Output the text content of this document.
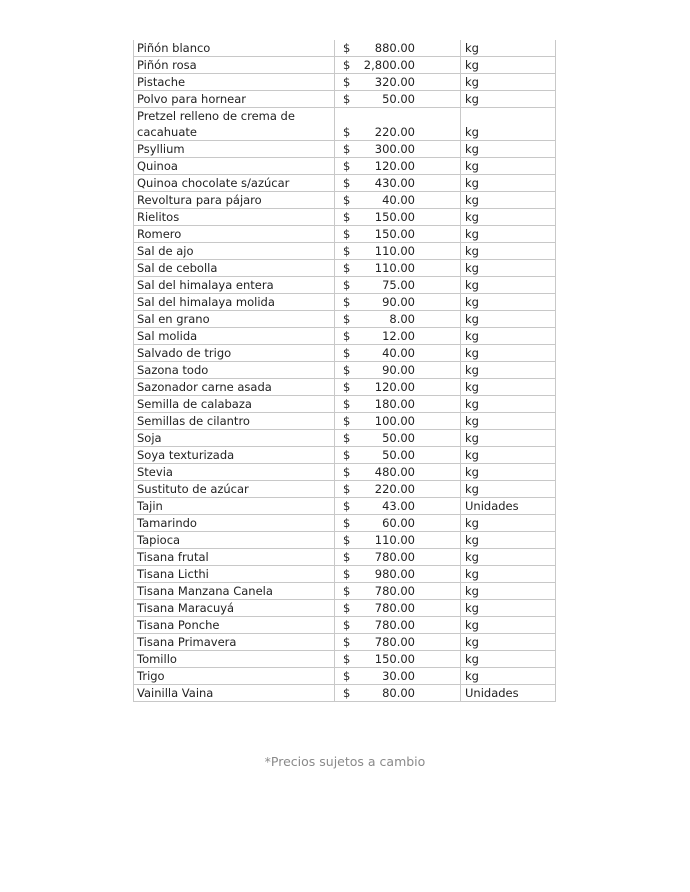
Piñón blanco	$ 880.00	kg

Piñón rosa	$ 2,800.00	kg

Pistache	$ 320.00	kg

Polvo para hornear	$ 50.00	kg

Pretzel relleno de crema de
cacahuate	$ 220.00	kg

Psyllium	$ 300.00	kg

Quinoa	$ 120.00	kg

Quinoa chocolate s/azúcar	$ 430.00	kg

Revoltura para pájaro	$ 40.00	kg

Rielitos	$ 150.00	kg

Romero	$ 150.00	kg

Sal de ajo	$ 110.00	kg

Sal de cebolla	$ 110.00	kg

Sal del himalaya entera	$ 75.00	kg

Sal del himalaya molida	$ 90.00	kg

Sal en grano	$ 8.00	kg

Sal molida	$ 12.00	kg

Salvado de trigo	$ 40.00	kg

Sazona todo	$ 90.00	kg

Sazonador carne asada	$ 120.00	kg

Semilla de calabaza	$ 180.00	kg

Semillas de cilantro	$ 100.00	kg

Soja	$ 50.00	kg

Soya texturizada	$ 50.00	kg

Stevia	$ 480.00	kg

Sustituto de azúcar	$ 220.00	kg

Tajin	$ 43.00	Unidades

Tamarindo	$ 60.00	kg

Tapioca	$ 110.00	kg

Tisana frutal	$ 780.00	kg

Tisana Licthi	$ 980.00	kg

Tisana Manzana Canela	$ 780.00	kg

Tisana Maracuyá	$ 780.00	kg

Tisana Ponche	$ 780.00	kg

Tisana Primavera	$ 780.00	kg

Tomillo	$ 150.00	kg

Trigo	$ 30.00	kg

Vainilla Vaina	$ 80.00	Unidades
*Precios sujetos a cambio
